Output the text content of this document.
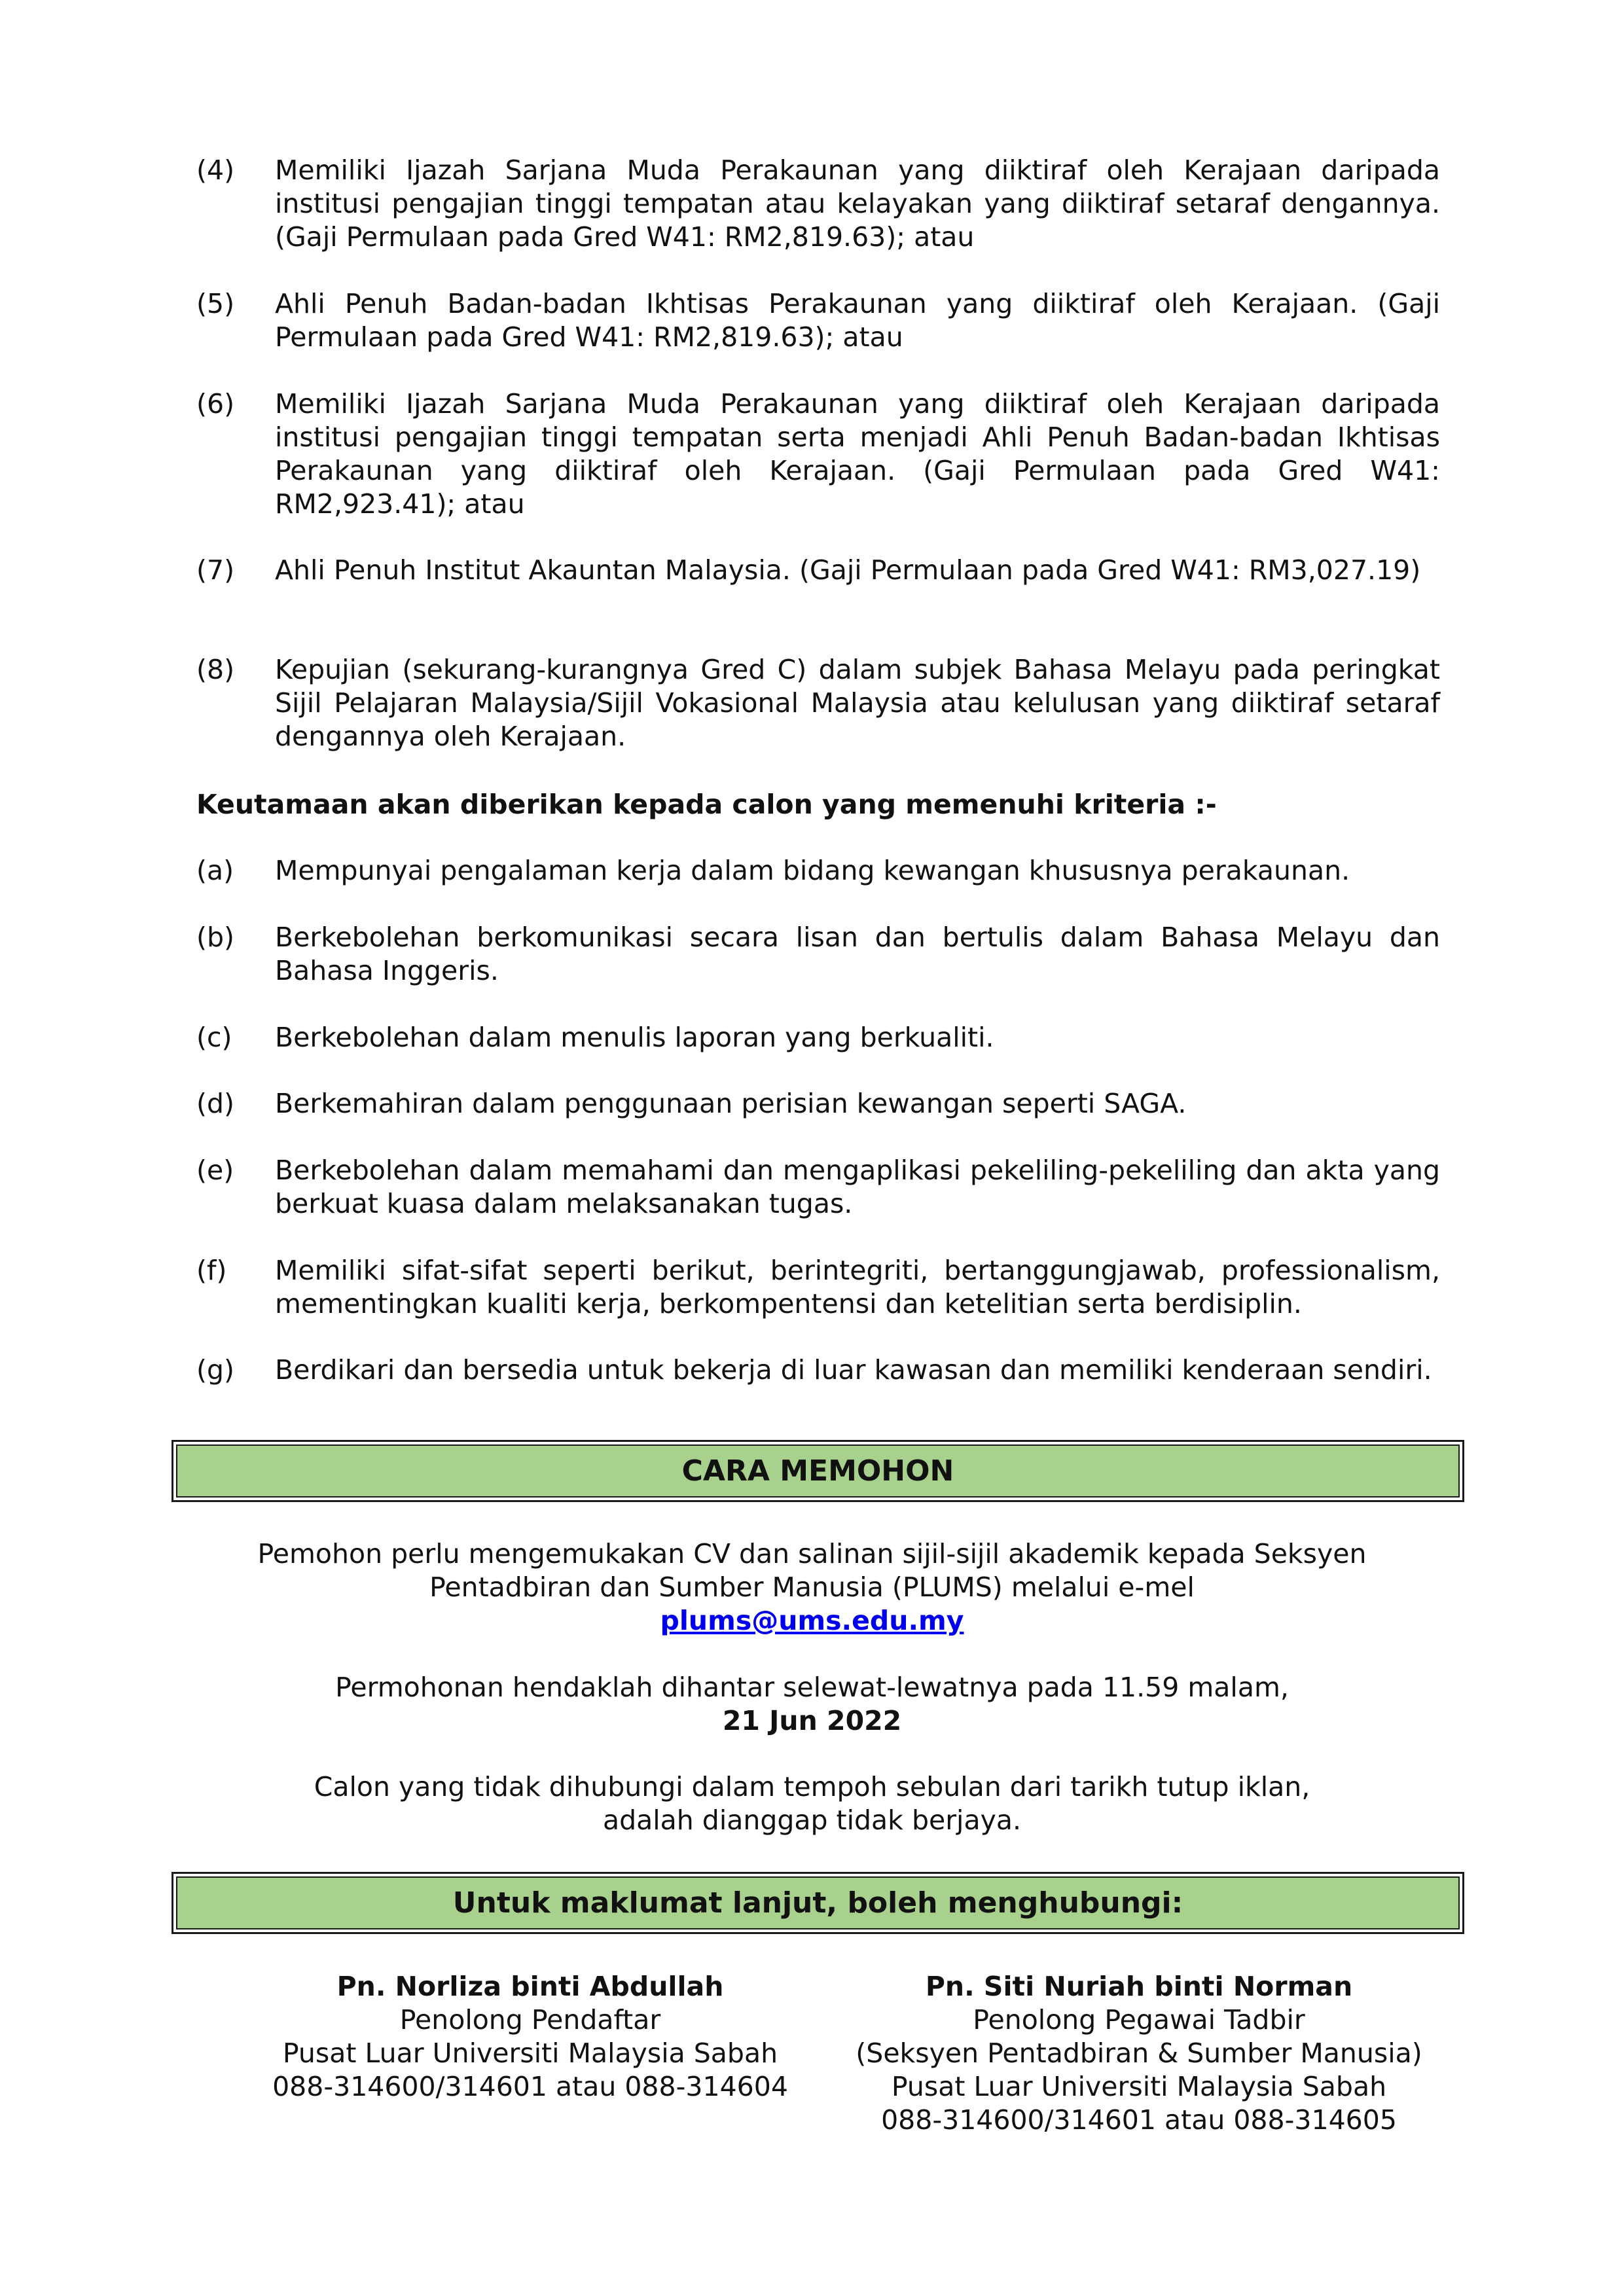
(4)	Memiliki Ijazah Sarjana Muda Perakaunan yang diiktiraf oleh Kerajaan daripada institusi pengajian tinggi tempatan atau kelayakan yang diiktiraf setaraf dengannya. (Gaji Permulaan pada Gred W41: RM2,819.63); atau
(5)	Ahli Penuh Badan-badan Ikhtisas Perakaunan yang diiktiraf oleh Kerajaan. (Gaji Permulaan pada Gred W41: RM2,819.63); atau
(6)	Memiliki Ijazah Sarjana Muda Perakaunan yang diiktiraf oleh Kerajaan daripada institusi pengajian tinggi tempatan serta menjadi Ahli Penuh Badan-badan Ikhtisas Perakaunan yang diiktiraf oleh Kerajaan. (Gaji Permulaan pada Gred W41: RM2,923.41); atau
(7)	Ahli Penuh Institut Akauntan Malaysia. (Gaji Permulaan pada Gred W41: RM3,027.19)
(8)	Kepujian (sekurang-kurangnya Gred C) dalam subjek Bahasa Melayu pada peringkat Sijil Pelajaran Malaysia/Sijil Vokasional Malaysia atau kelulusan yang diiktiraf setaraf dengannya oleh Kerajaan.
Keutamaan akan diberikan kepada calon yang memenuhi kriteria :-
(a)	Mempunyai pengalaman kerja dalam bidang kewangan khususnya perakaunan.
(b)	Berkebolehan berkomunikasi secara lisan dan bertulis dalam Bahasa Melayu dan Bahasa Inggeris.
(c)	Berkebolehan dalam menulis laporan yang berkualiti.
(d)	Berkemahiran dalam penggunaan perisian kewangan seperti SAGA.
(e)	Berkebolehan dalam memahami dan mengaplikasi pekeliling-pekeliling dan akta yang berkuat kuasa dalam melaksanakan tugas.
(f)	Memiliki sifat-sifat seperti berikut, berintegriti, bertanggungjawab, professionalism, mementingkan kualiti kerja, berkompentensi dan ketelitian serta berdisiplin.
(g)	Berdikari dan bersedia untuk bekerja di luar kawasan dan memiliki kenderaan sendiri.
CARA MEMOHON
Pemohon perlu mengemukakan CV dan salinan sijil-sijil akademik kepada Seksyen
Pentadbiran dan Sumber Manusia (PLUMS) melalui e-mel
plums@ums.edu.my
Permohonan hendaklah dihantar selewat-lewatnya pada 11.59 malam,
21 Jun 2022
Calon yang tidak dihubungi dalam tempoh sebulan dari tarikh tutup iklan,
adalah dianggap tidak berjaya.
Untuk maklumat lanjut, boleh menghubungi:
Pn. Norliza binti Abdullah
Penolong Pendaftar
Pusat Luar Universiti Malaysia Sabah
088-314600/314601 atau 088-314604
Pn. Siti Nuriah binti Norman
Penolong Pegawai Tadbir
(Seksyen Pentadbiran & Sumber Manusia)
Pusat Luar Universiti Malaysia Sabah
088-314600/314601 atau 088-314605
